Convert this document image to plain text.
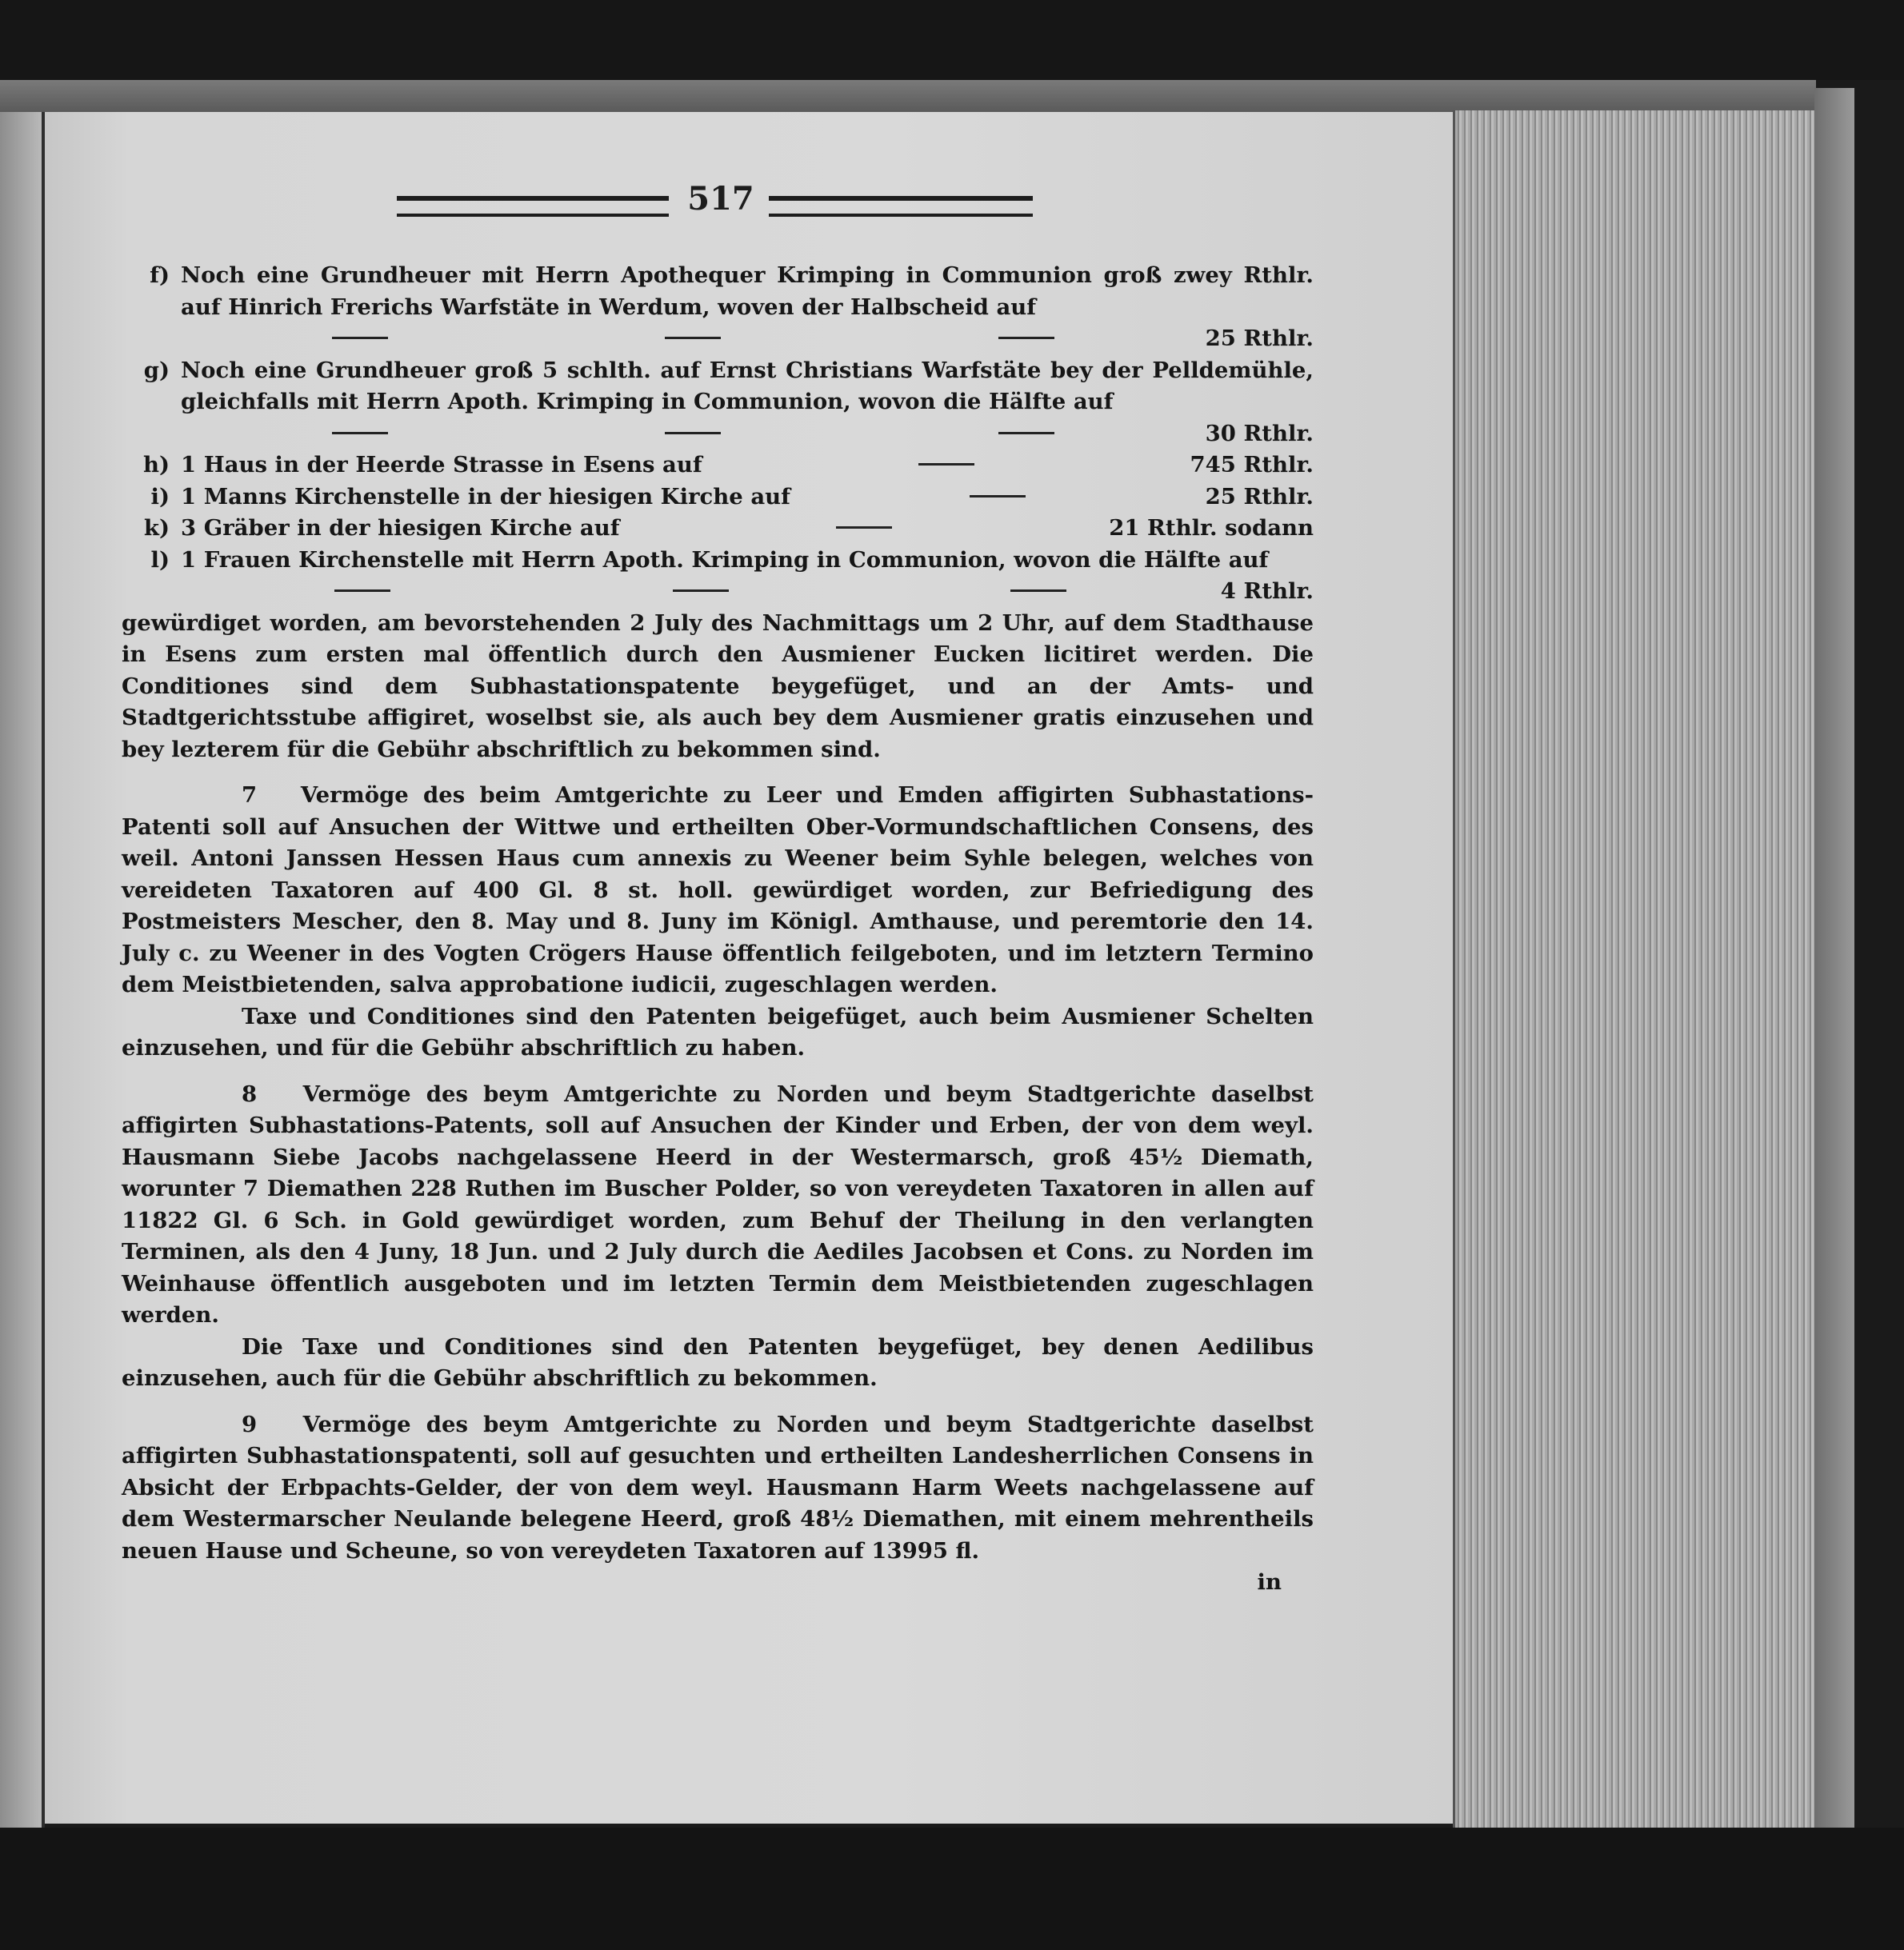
517
f) Noch eine Grundheuer mit Herrn Apothequer Krimping in Communion groß zwey Rthlr. auf Hinrich Frerichs Warfstäte in Werdum, woven der Halbscheid auf
25 Rthlr.
g) Noch eine Grundheuer groß 5 schlth. auf Ernst Christians Warfstäte bey der Pelldemühle, gleichfalls mit Herrn Apoth. Krimping in Communion, wovon die Hälfte auf
30 Rthlr.
h) 1 Haus in der Heerde Strasse in Esens auf	745 Rthlr.
i) 1 Manns Kirchenstelle in der hiesigen Kirche auf	25 Rthlr.
k) 3 Gräber in der hiesigen Kirche auf	21 Rthlr. sodann
l) 1 Frauen Kirchenstelle mit Herrn Apoth. Krimping in Communion, wovon die Hälfte auf
4 Rthlr.
gewürdiget worden, am bevorstehenden 2 July des Nachmittags um 2 Uhr, auf dem Stadthause in Esens zum ersten mal öffentlich durch den Ausmiener Eucken licitiret werden. Die Conditiones sind dem Subhastationspatente beygefüget, und an der Amts- und Stadtgerichtsstube affigiret, woselbst sie, als auch bey dem Ausmiener gratis einzusehen und bey lezterem für die Gebühr abschriftlich zu bekommen sind.
7 Vermöge des beim Amtgerichte zu Leer und Emden affigirten Subhastations-Patenti soll auf Ansuchen der Wittwe und ertheilten Ober-Vormundschaftlichen Consens, des weil. Antoni Janssen Hessen Haus cum annexis zu Weener beim Syhle belegen, welches von vereideten Taxatoren auf 400 Gl. 8 st. holl. gewürdiget worden, zur Befriedigung des Postmeisters Mescher, den 8. May und 8. Juny im Königl. Amthause, und peremtorie den 14. July c. zu Weener in des Vogten Crögers Hause öffentlich feilgeboten, und im letztern Termino dem Meistbietenden, salva approbatione iudicii, zugeschlagen werden.
Taxe und Conditiones sind den Patenten beigefüget, auch beim Ausmiener Schelten einzusehen, und für die Gebühr abschriftlich zu haben.
8 Vermöge des beym Amtgerichte zu Norden und beym Stadtgerichte daselbst affigirten Subhastations-Patents, soll auf Ansuchen der Kinder und Erben, der von dem weyl. Hausmann Siebe Jacobs nachgelassene Heerd in der Westermarsch, groß 45½ Diemath, worunter 7 Diemathen 228 Ruthen im Buscher Polder, so von vereydeten Taxatoren in allen auf 11822 Gl. 6 Sch. in Gold gewürdiget worden, zum Behuf der Theilung in den verlangten Terminen, als den 4 Juny, 18 Jun. und 2 July durch die Aediles Jacobsen et Cons. zu Norden im Weinhause öffentlich ausgeboten und im letzten Termin dem Meistbietenden zugeschlagen werden.
Die Taxe und Conditiones sind den Patenten beygefüget, bey denen Aedilibus einzusehen, auch für die Gebühr abschriftlich zu bekommen.
9 Vermöge des beym Amtgerichte zu Norden und beym Stadtgerichte daselbst affigirten Subhastationspatenti, soll auf gesuchten und ertheilten Landesherrlichen Consens in Absicht der Erbpachts-Gelder, der von dem weyl. Hausmann Harm Weets nachgelassene auf dem Westermarscher Neulande belegene Heerd, groß 48½ Diemathen, mit einem mehrentheils neuen Hause und Scheune, so von vereydeten Taxatoren auf 13995 fl.
in
